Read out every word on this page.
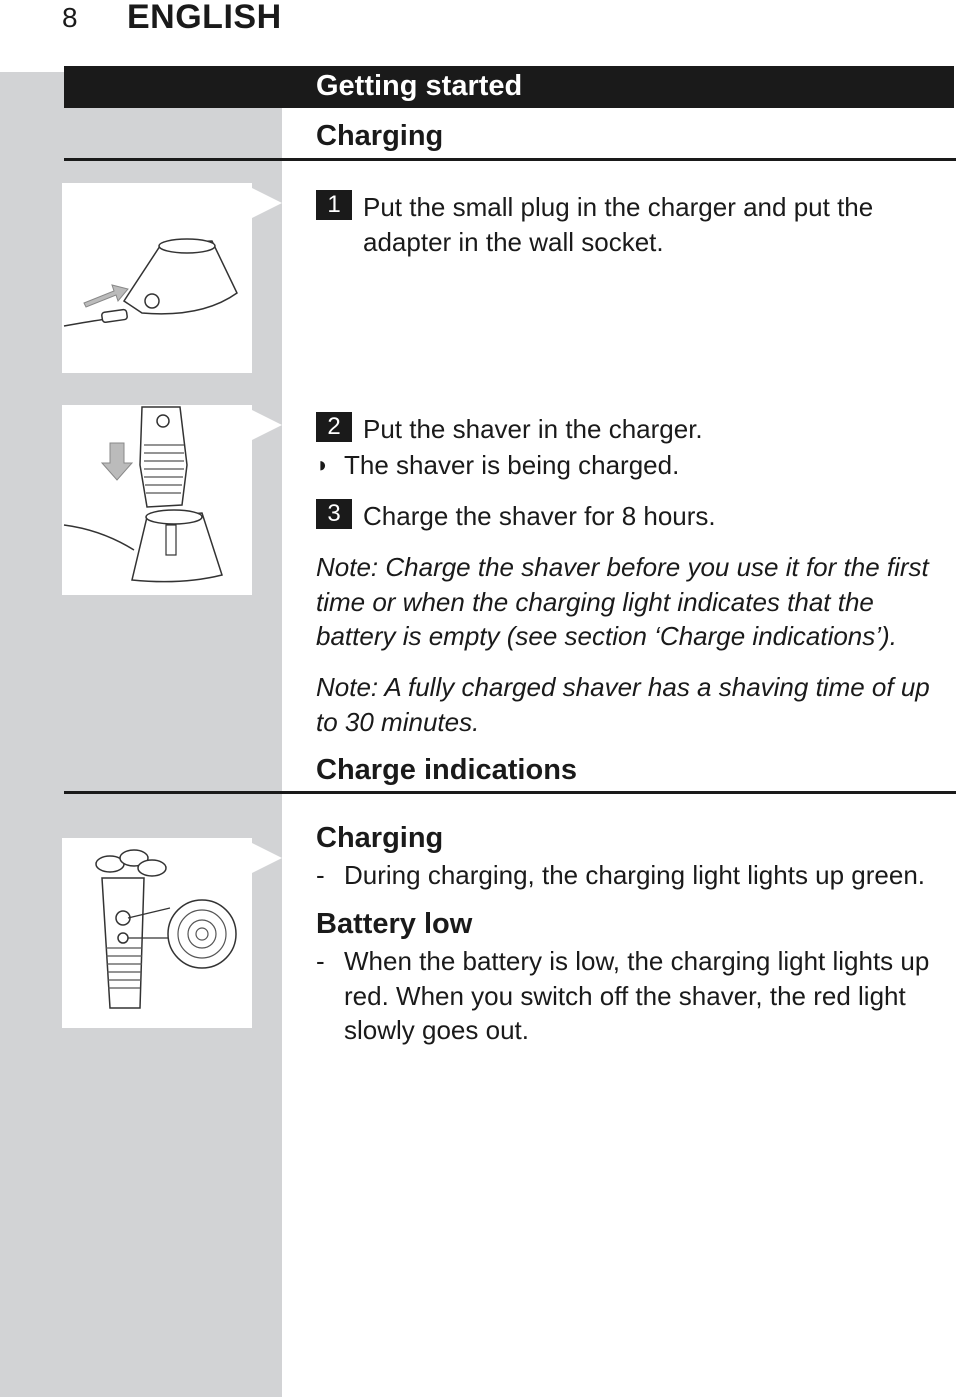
8 ENGLISH
Getting started
Charging
1 Put the small plug in the charger and put the adapter in the wall socket.
2 Put the shaver in the charger.
◗ The shaver is being charged.
3 Charge the shaver for 8 hours.
Note: Charge the shaver before you use it for the first time or when the charging light indicates that the battery is empty (see section ‘Charge indications’).
Note: A fully charged shaver has a shaving time of up to 30 minutes.
Charge indications
Charging
- During charging, the charging light lights up green.
Battery low
- When the battery is low, the charging light lights up red. When you switch off the shaver, the red light slowly goes out.
